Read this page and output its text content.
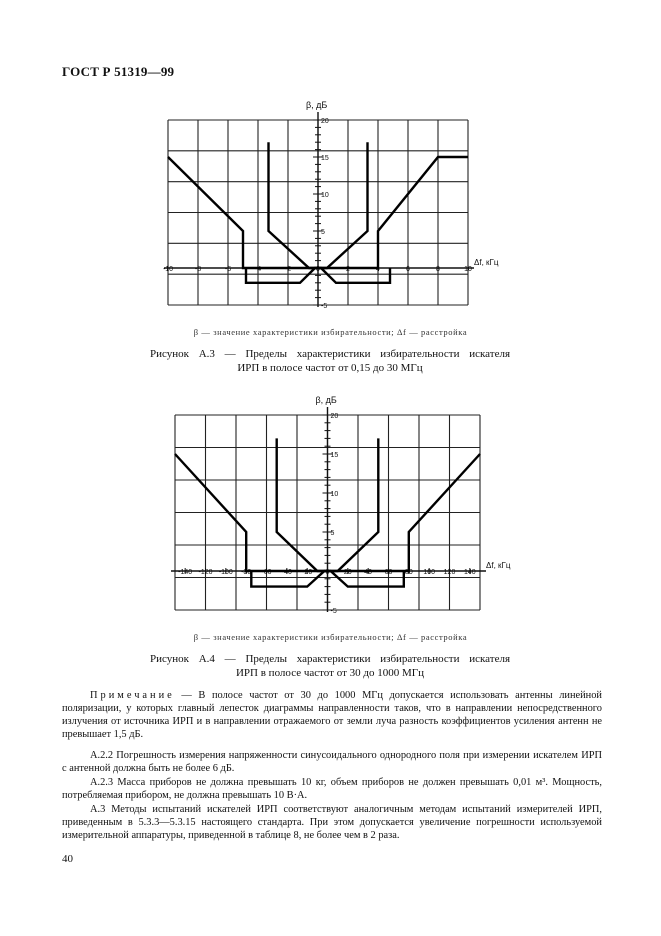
ГОСТ Р 51319—99
-10	-8	-6	-4	-2	0	2	4	6	8	10
20
15
10
5
-5
β, дБ
Δf, кГц
β — значение характеристики избирательности; Δf — расстройка
Рисунок А.3 — Пределы характеристики избирательности искателя
ИРП в полосе частот от 0,15 до 30 МГц
-140 -120 -100 -80 -60 -40 -20 0 20 40 60 80 100 120 140
20
15
10
5
-5
β, дБ
Δf, кГц
β — значение характеристики избирательности; Δf — расстройка
Рисунок А.4 — Пределы характеристики избирательности искателя
ИРП в полосе частот от 30 до 1000 МГц
Примечание — В полосе частот от 30 до 1000 МГц допускается использовать антенны линейной поляризации, у которых главный лепесток диаграммы направленности таков, что в направлении непосредственного излучения от источника ИРП и в направлении отражаемого от земли луча разность коэффициентов усиления антенн не превышает 1,5 дБ.
А.2.2 Погрешность измерения напряженности синусоидального однородного поля при измерении искателем ИРП с антенной должна быть не более 6 дБ.
А.2.3 Масса приборов не должна превышать 10 кг, объем приборов не должен превышать 0,01 м³. Мощность, потребляемая прибором, не должна превышать 10 В·А.
А.3 Методы испытаний искателей ИРП соответствуют аналогичным методам испытаний измерителей ИРП, приведенным в 5.3.3—5.3.15 настоящего стандарта. При этом допускается увеличение погрешности используемой измерительной аппаратуры, приведенной в таблице 8, не более чем в 2 раза.
40
